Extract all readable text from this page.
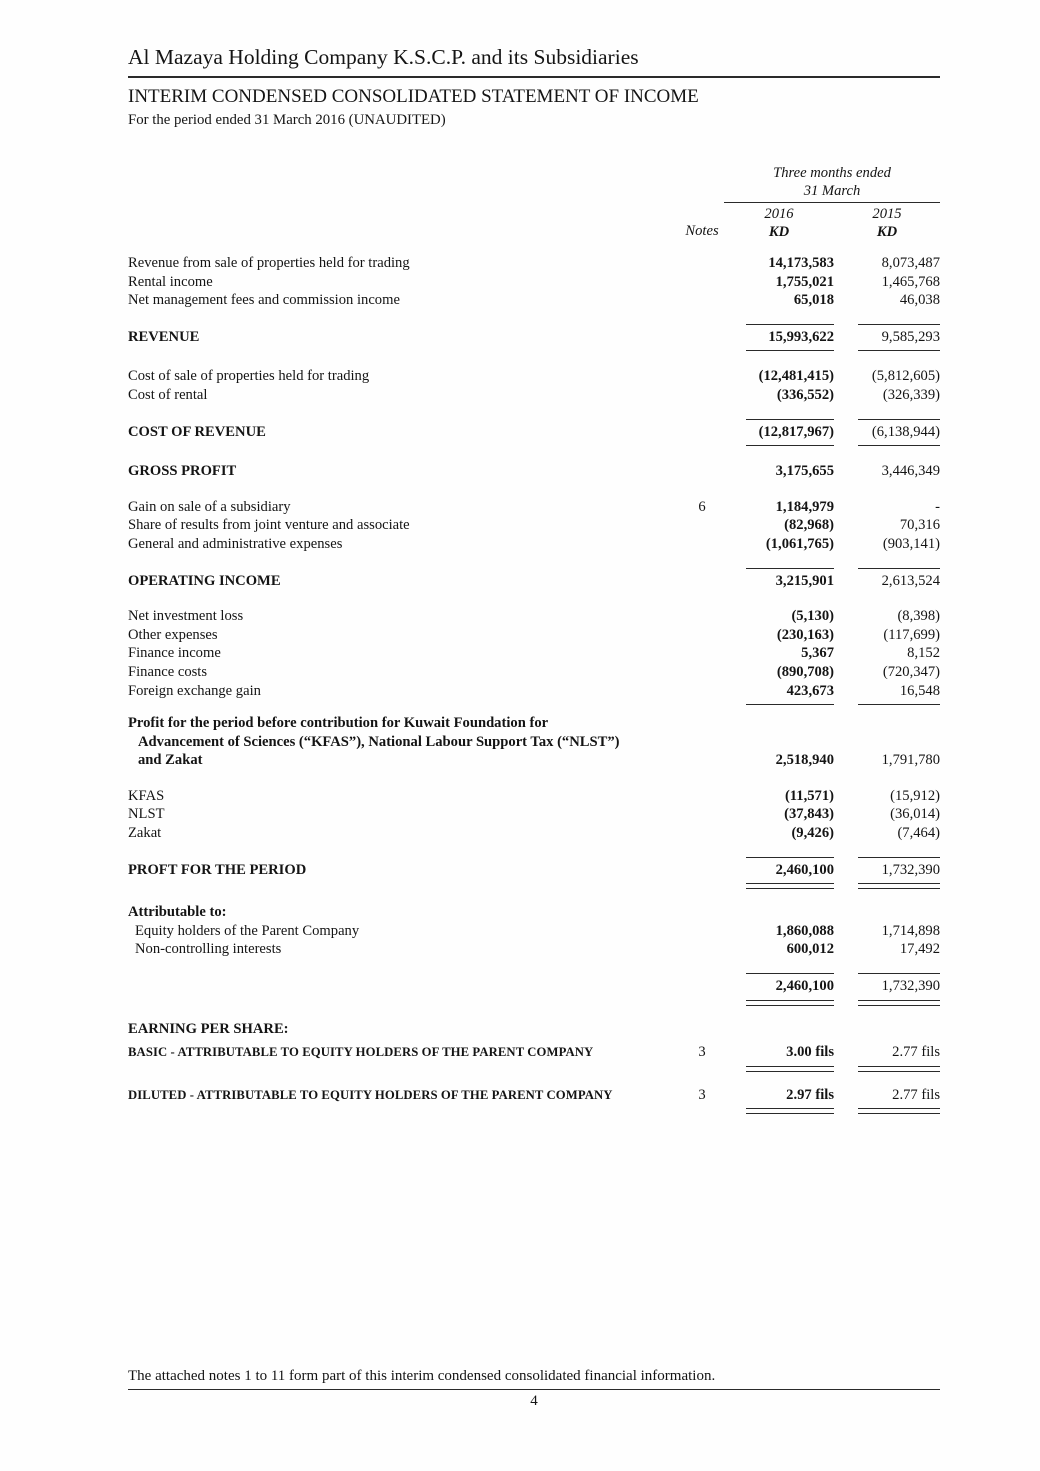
Al Mazaya Holding Company K.S.C.P. and its Subsidiaries
INTERIM CONDENSED CONSOLIDATED STATEMENT OF INCOME
For the period ended 31 March 2016 (UNAUDITED)
Notes
Three months ended
31 March
2016
KD
2015
KD
Revenue from sale of properties held for trading	14,173,583	8,073,487
Rental income	1,755,021	1,465,768
Net management fees and commission income	65,018	46,038
REVENUE	15,993,622	9,585,293
Cost of sale of properties held for trading	(12,481,415)	(5,812,605)
Cost of rental	(336,552)	(326,339)
COST OF REVENUE	(12,817,967)	(6,138,944)
GROSS PROFIT	3,175,655	3,446,349
Gain on sale of a subsidiary	6	1,184,979	-
Share of results from joint venture and associate	(82,968)	70,316
General and administrative expenses	(1,061,765)	(903,141)
OPERATING INCOME	3,215,901	2,613,524
Net investment loss	(5,130)	(8,398)
Other expenses	(230,163)	(117,699)
Finance income	5,367	8,152
Finance costs	(890,708)	(720,347)
Foreign exchange gain	423,673	16,548
Profit for the period before contribution for Kuwait Foundation for
Advancement of Sciences (“KFAS”), National Labour Support Tax (“NLST”)
and Zakat	2,518,940	1,791,780
KFAS	(11,571)	(15,912)
NLST	(37,843)	(36,014)
Zakat	(9,426)	(7,464)
PROFT FOR THE PERIOD	2,460,100	1,732,390
Attributable to:
Equity holders of the Parent Company	1,860,088	1,714,898
Non-controlling interests	600,012	17,492
2,460,100	1,732,390
EARNING PER SHARE:
BASIC - ATTRIBUTABLE TO EQUITY HOLDERS OF THE PARENT COMPANY	3	3.00 fils	2.77 fils
DILUTED - ATTRIBUTABLE TO EQUITY HOLDERS OF THE PARENT COMPANY	3	2.97 fils	2.77 fils
The attached notes 1 to 11 form part of this interim condensed consolidated financial information.
4
